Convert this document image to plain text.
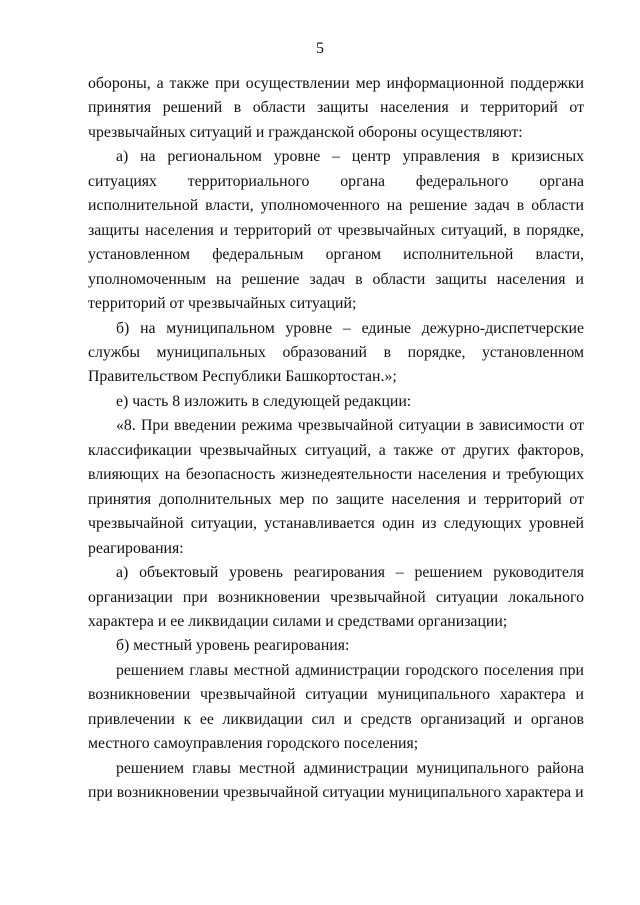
5

обороны, а также при осуществлении мер информационной поддержки принятия решений в области защиты населения и территорий от чрезвычайных ситуаций и гражданской обороны осуществляют:

а) на региональном уровне – центр управления в кризисных ситуациях территориального органа федерального органа исполнительной власти, уполномоченного на решение задач в области защиты населения и территорий от чрезвычайных ситуаций, в порядке, установленном федеральным органом исполнительной власти, уполномоченным на решение задач в области защиты населения и территорий от чрезвычайных ситуаций;

б) на муниципальном уровне – единые дежурно-диспетчерские службы муниципальных образований в порядке, установленном Правительством Республики Башкортостан.»;

е) часть 8 изложить в следующей редакции:

«8. При введении режима чрезвычайной ситуации в зависимости от классификации чрезвычайных ситуаций, а также от других факторов, влияющих на безопасность жизнедеятельности населения и требующих принятия дополнительных мер по защите населения и территорий от чрезвычайной ситуации, устанавливается один из следующих уровней реагирования:

а) объектовый уровень реагирования – решением руководителя организации при возникновении чрезвычайной ситуации локального характера и ее ликвидации силами и средствами организации;

б) местный уровень реагирования:

решением главы местной администрации городского поселения при возникновении чрезвычайной ситуации муниципального характера и привлечении к ее ликвидации сил и средств организаций и органов местного самоуправления городского поселения;

решением главы местной администрации муниципального района при возникновении чрезвычайной ситуации муниципального характера и
